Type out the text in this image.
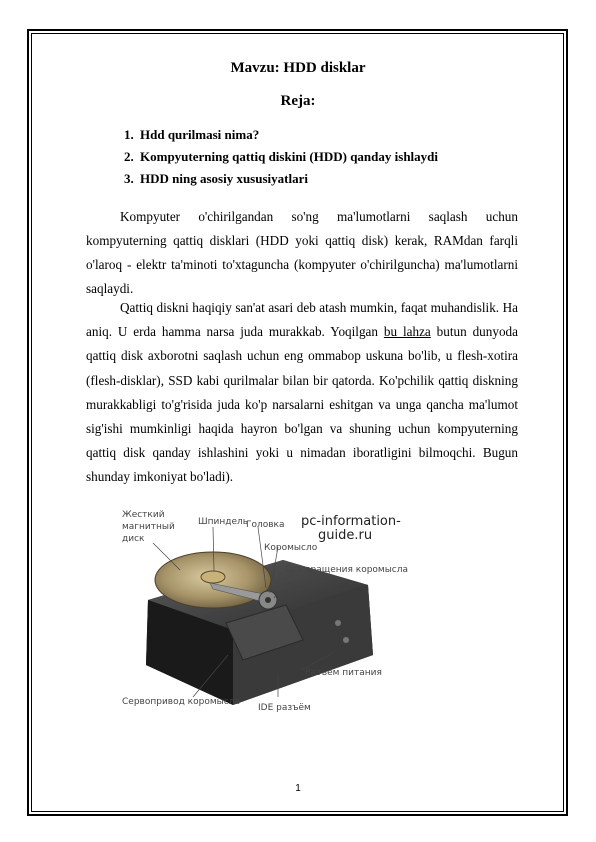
Mavzu: HDD disklar
Reja:
1. Hdd qurilmasi nima?
2. Kompyuterning qattiq diskini (HDD) qanday ishlaydi
3. HDD ning asosiy xususiyatlari

Kompyuter o'chirilgandan so'ng ma'lumotlarni saqlash uchun kompyuterning qattiq disklari (HDD yoki qattiq disk) kerak, RAMdan farqli o'laroq - elektr ta'minoti to'xtaguncha (kompyuter o'chirilguncha) ma'lumotlarni saqlaydi.

Qattiq diskni haqiqiy san'at asari deb atash mumkin, faqat muhandislik. Ha aniq. U erda hamma narsa juda murakkab. Yoqilgan bu lahza butun dunyoda qattiq disk axborotni saqlash uchun eng ommabop uskuna bo'lib, u flesh-xotira (flesh-disklar), SSD kabi qurilmalar bilan bir qatorda. Ko'pchilik qattiq diskning murakkabligi to'g'risida juda ko'p narsalarni eshitgan va unga qancha ma'lumot sig'ishi mumkinligi haqida hayron bo'lgan va shuning uchun kompyuterning qattiq disk qanday ishlashini yoki u nimadan iboratligini bilmoqchi. Bugun shunday imkoniyat bo'ladi).

Жесткий
магнитный
диск
Шпиндель
Головка
Коромысло
Ось вращения коромысла
Разъём питания
Сервопривод коромысла
IDE разъём
pc-information-
guide.ru
1
